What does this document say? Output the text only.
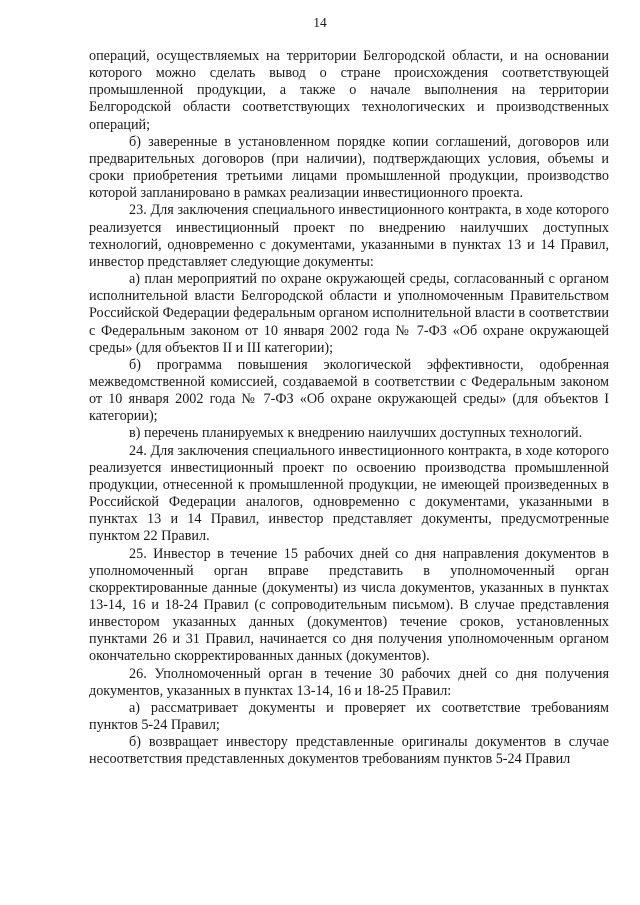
14

операций, осуществляемых на территории Белгородской области, и на основании которого можно сделать вывод о стране происхождения соответствующей промышленной продукции, а также о начале выполнения на территории Белгородской области соответствующих технологических и производственных операций;

б) заверенные в установленном порядке копии соглашений, договоров или предварительных договоров (при наличии), подтверждающих условия, объемы и сроки приобретения третьими лицами промышленной продукции, производство которой запланировано в рамках реализации инвестиционного проекта.

23. Для заключения специального инвестиционного контракта, в ходе которого реализуется инвестиционный проект по внедрению наилучших доступных технологий, одновременно с документами, указанными в пунктах 13 и 14 Правил, инвестор представляет следующие документы:

а) план мероприятий по охране окружающей среды, согласованный с органом исполнительной власти Белгородской области и уполномоченным Правительством Российской Федерации федеральным органом исполнительной власти в соответствии с Федеральным законом от 10 января 2002 года № 7-ФЗ «Об охране окружающей среды» (для объектов II и III категории);

б) программа повышения экологической эффективности, одобренная межведомственной комиссией, создаваемой в соответствии с Федеральным законом от 10 января 2002 года № 7-ФЗ «Об охране окружающей среды» (для объектов I категории);

в) перечень планируемых к внедрению наилучших доступных технологий.

24. Для заключения специального инвестиционного контракта, в ходе которого реализуется инвестиционный проект по освоению производства промышленной продукции, отнесенной к промышленной продукции, не имеющей произведенных в Российской Федерации аналогов, одновременно с документами, указанными в пунктах 13 и 14 Правил, инвестор представляет документы, предусмотренные пунктом 22 Правил.

25. Инвестор в течение 15 рабочих дней со дня направления документов в уполномоченный орган вправе представить в уполномоченный орган скорректированные данные (документы) из числа документов, указанных в пунктах 13-14, 16 и 18-24 Правил (с сопроводительным письмом). В случае представления инвестором указанных данных (документов) течение сроков, установленных пунктами 26 и 31 Правил, начинается со дня получения уполномоченным органом окончательно скорректированных данных (документов).

26. Уполномоченный орган в течение 30 рабочих дней со дня получения документов, указанных в пунктах 13-14, 16 и 18-25 Правил:

а) рассматривает документы и проверяет их соответствие требованиям пунктов 5-24 Правил;

б) возвращает инвестору представленные оригиналы документов в случае несоответствия представленных документов требованиям пунктов 5-24 Правил
